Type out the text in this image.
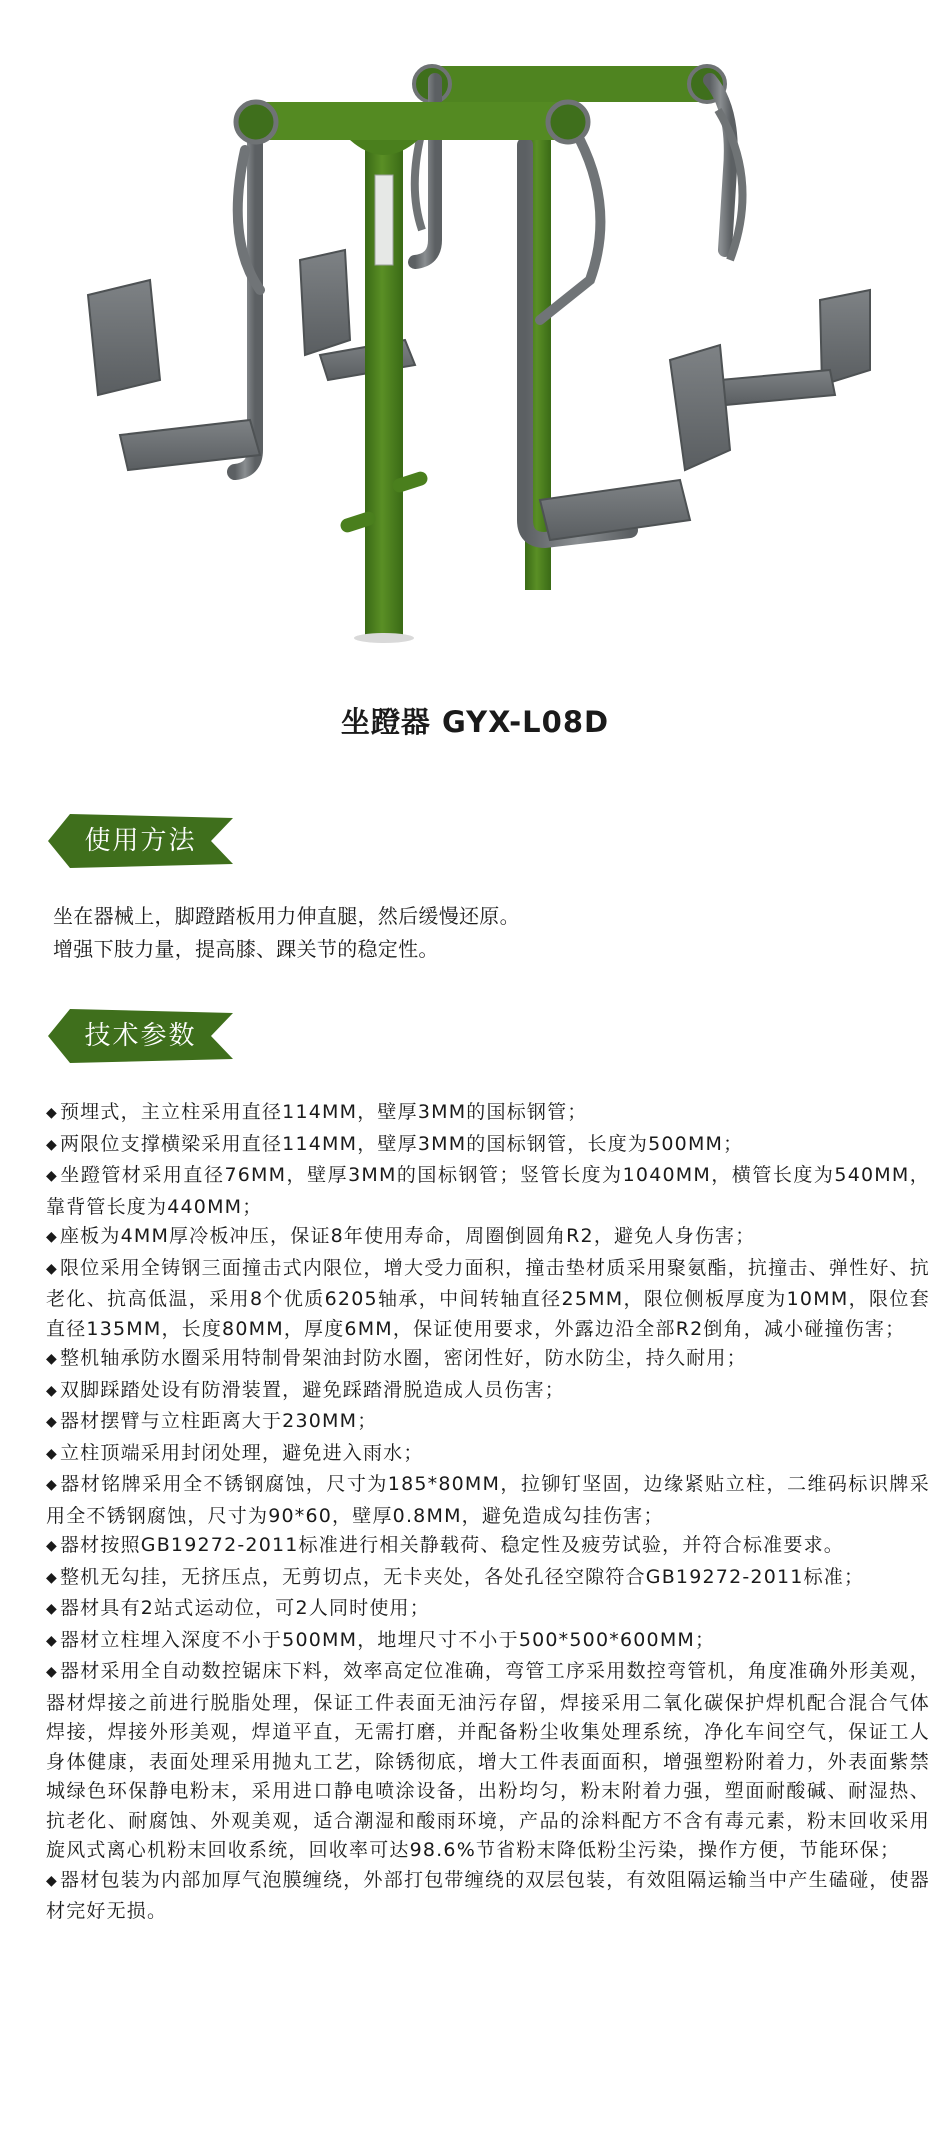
坐蹬器 GYX-L08D
使用方法

坐在器械上，脚蹬踏板用力伸直腿，然后缓慢还原。

增强下肢力量，提高膝、踝关节的稳定性。

技术参数
◆ 预埋式，主立柱采用直径114MM，壁厚3MM的国标钢管；
◆ 两限位支撑横梁采用直径114MM，壁厚3MM的国标钢管，长度为500MM；
◆ 坐蹬管材采用直径76MM，壁厚3MM的国标钢管；竖管长度为1040MM，横管长度为540MM，靠背管长度为440MM；
◆ 座板为4MM厚冷板冲压，保证8年使用寿命，周圈倒圆角R2，避免人身伤害；
◆ 限位采用全铸钢三面撞击式内限位，增大受力面积，撞击垫材质采用聚氨酯，抗撞击、弹性好、抗老化、抗高低温，采用8个优质6205轴承，中间转轴直径25MM，限位侧板厚度为10MM，限位套直径135MM，长度80MM，厚度6MM，保证使用要求，外露边沿全部R2倒角，减小碰撞伤害；
◆ 整机轴承防水圈采用特制骨架油封防水圈，密闭性好，防水防尘，持久耐用；
◆ 双脚踩踏处设有防滑装置，避免踩踏滑脱造成人员伤害；
◆ 器材摆臂与立柱距离大于230MM；
◆ 立柱顶端采用封闭处理，避免进入雨水；
◆ 器材铭牌采用全不锈钢腐蚀，尺寸为185*80MM，拉铆钉坚固，边缘紧贴立柱，二维码标识牌采用全不锈钢腐蚀，尺寸为90*60，壁厚0.8MM，避免造成勾挂伤害；
◆ 器材按照GB19272-2011标准进行相关静载荷、稳定性及疲劳试验，并符合标准要求。
◆ 整机无勾挂，无挤压点，无剪切点，无卡夹处，各处孔径空隙符合GB19272-2011标准；
◆ 器材具有2站式运动位，可2人同时使用；
◆ 器材立柱埋入深度不小于500MM，地埋尺寸不小于500*500*600MM；
◆ 器材采用全自动数控锯床下料，效率高定位准确，弯管工序采用数控弯管机，角度准确外形美观，器材焊接之前进行脱脂处理，保证工件表面无油污存留，焊接采用二氧化碳保护焊机配合混合气体焊接，焊接外形美观，焊道平直，无需打磨，并配备粉尘收集处理系统，净化车间空气，保证工人身体健康，表面处理采用抛丸工艺，除锈彻底，增大工件表面面积，增强塑粉附着力，外表面紫禁城绿色环保静电粉末，采用进口静电喷涂设备，出粉均匀，粉末附着力强，塑面耐酸碱、耐湿热、抗老化、耐腐蚀、外观美观，适合潮湿和酸雨环境，产品的涂料配方不含有毒元素，粉末回收采用旋风式离心机粉末回收系统，回收率可达98.6%节省粉末降低粉尘污染，操作方便，节能环保；
◆ 器材包装为内部加厚气泡膜缠绕，外部打包带缠绕的双层包装，有效阻隔运输当中产生磕碰，使器材完好无损。
